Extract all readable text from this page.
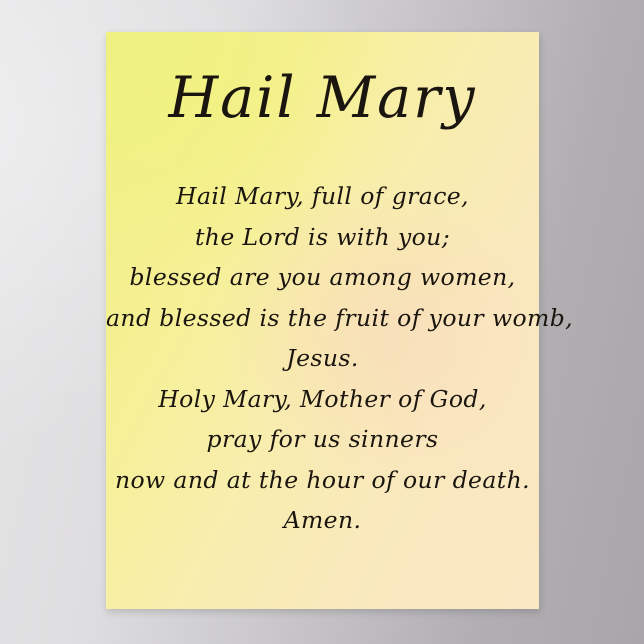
Hail Mary
Hail Mary, full of grace,
the Lord is with you;
blessed are you among women,
and blessed is the fruit of your womb,
Jesus.
Holy Mary, Mother of God,
pray for us sinners
now and at the hour of our death.
Amen.
